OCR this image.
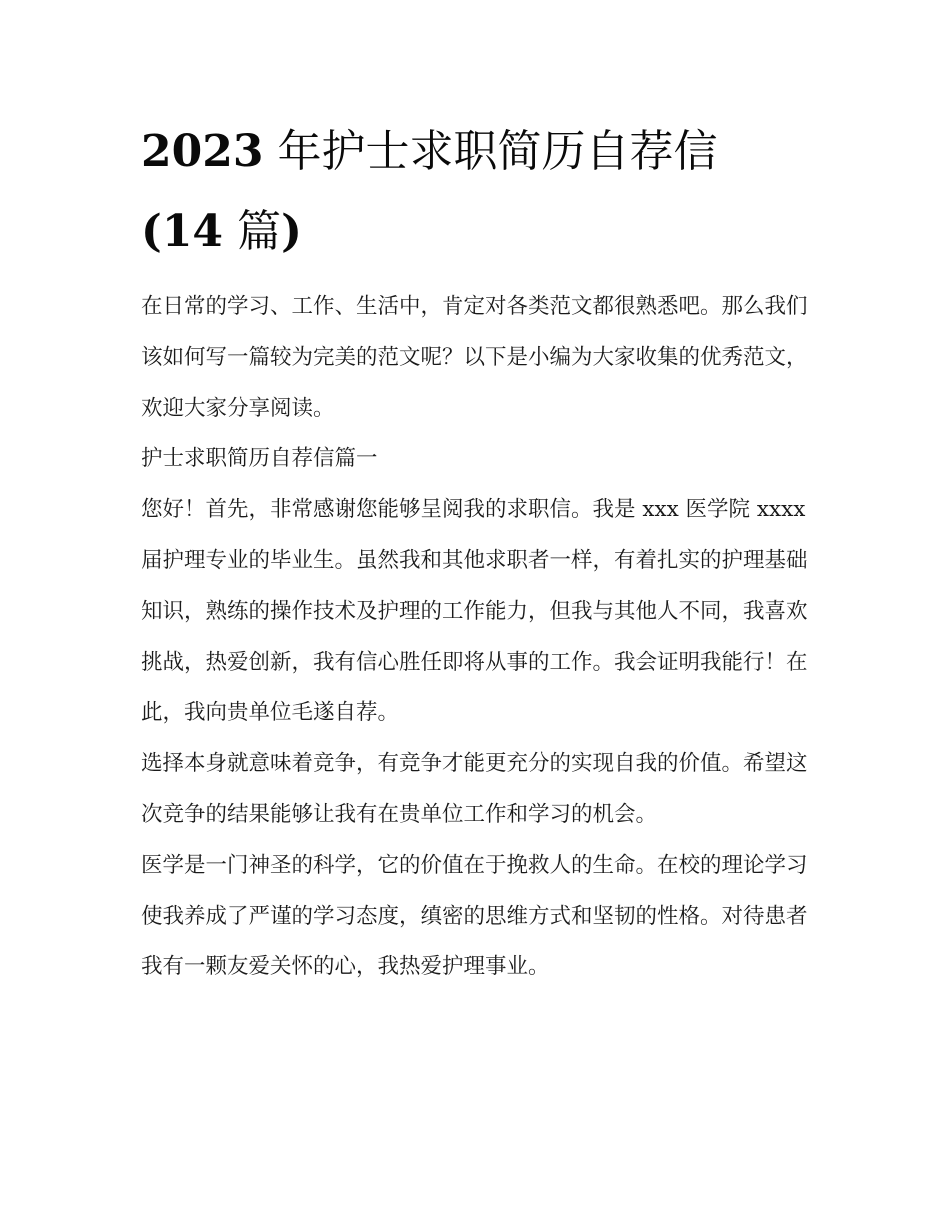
2023 年护士求职简历自荐信
(14 篇)

在日常的学习、工作、生活中，肯定对各类范文都很熟悉吧。那么我们该如何写一篇较为完美的范文呢？以下是小编为大家收集的优秀范文，欢迎大家分享阅读。

护士求职简历自荐信篇一

您好！首先，非常感谢您能够呈阅我的求职信。我是 xxx 医学院 xxxx 届护理专业的毕业生。虽然我和其他求职者一样，有着扎实的护理基础知识，熟练的操作技术及护理的工作能力，但我与其他人不同，我喜欢挑战，热爱创新，我有信心胜任即将从事的工作。我会证明我能行！在此，我向贵单位毛遂自荐。

选择本身就意味着竞争，有竞争才能更充分的实现自我的价值。希望这次竞争的结果能够让我有在贵单位工作和学习的机会。

医学是一门神圣的科学，它的价值在于挽救人的生命。在校的理论学习使我养成了严谨的学习态度，缜密的思维方式和坚韧的性格。对待患者我有一颗友爱关怀的心，我热爱护理事业。
